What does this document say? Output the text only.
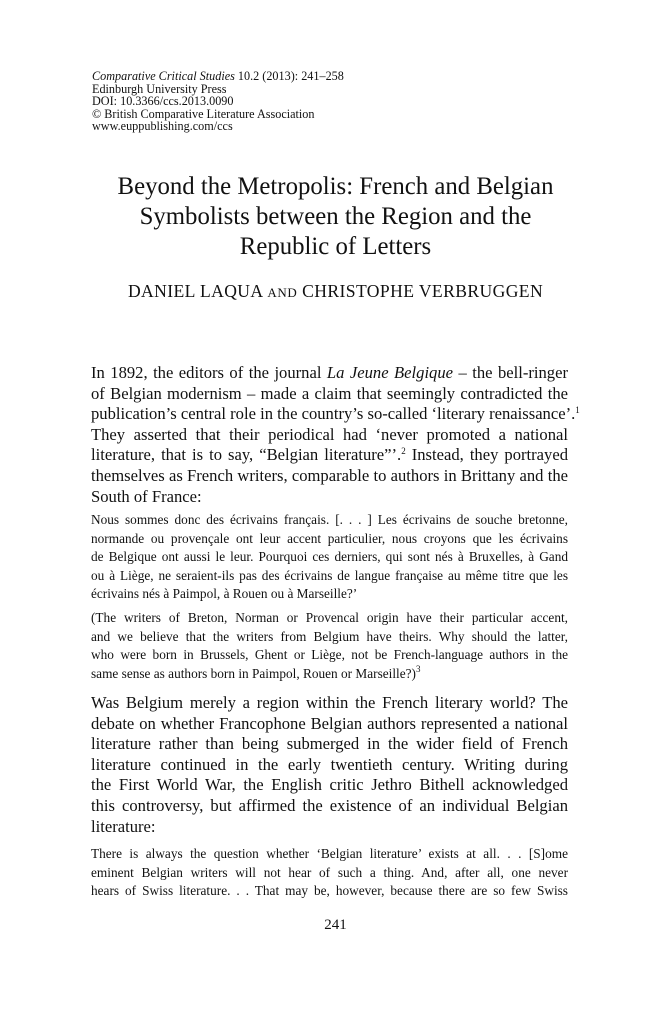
Comparative Critical Studies 10.2 (2013): 241–258
Edinburgh University Press
DOI: 10.3366/ccs.2013.0090
© British Comparative Literature Association
www.euppublishing.com/ccs
Beyond the Metropolis: French and Belgian
Symbolists between the Region and the
Republic of Letters
DANIEL LAQUA AND CHRISTOPHE VERBRUGGEN
In 1892, the editors of the journal La Jeune Belgique – the bell-ringer
of Belgian modernism – made a claim that seemingly contradicted the
publication’s central role in the country’s so-called ‘literary renaissance’.$^1$
They asserted that their periodical had ‘never promoted a national
literature, that is to say, “Belgian literature”’.$^2$ Instead, they portrayed
themselves as French writers, comparable to authors in Brittany and the
South of France:
Nous sommes donc des écrivains français. [. . . ] Les écrivains de souche bretonne,
normande ou provençale ont leur accent particulier, nous croyons que les écrivains
de Belgique ont aussi le leur. Pourquoi ces derniers, qui sont nés à Bruxelles, à Gand
ou à Liège, ne seraient-ils pas des écrivains de langue française au même titre que les
écrivains nés à Paimpol, à Rouen ou à Marseille?’
(The writers of Breton, Norman or Provencal origin have their particular accent,
and we believe that the writers from Belgium have theirs. Why should the latter,
who were born in Brussels, Ghent or Liège, not be French-language authors in the
same sense as authors born in Paimpol, Rouen or Marseille?)$^3$
Was Belgium merely a region within the French literary world? The
debate on whether Francophone Belgian authors represented a national
literature rather than being submerged in the wider field of French
literature continued in the early twentieth century. Writing during
the First World War, the English critic Jethro Bithell acknowledged
this controversy, but affirmed the existence of an individual Belgian
literature:
There is always the question whether ‘Belgian literature’ exists at all. . . [S]ome
eminent Belgian writers will not hear of such a thing. And, after all, one never
hears of Swiss literature. . . That may be, however, because there are so few Swiss
241
